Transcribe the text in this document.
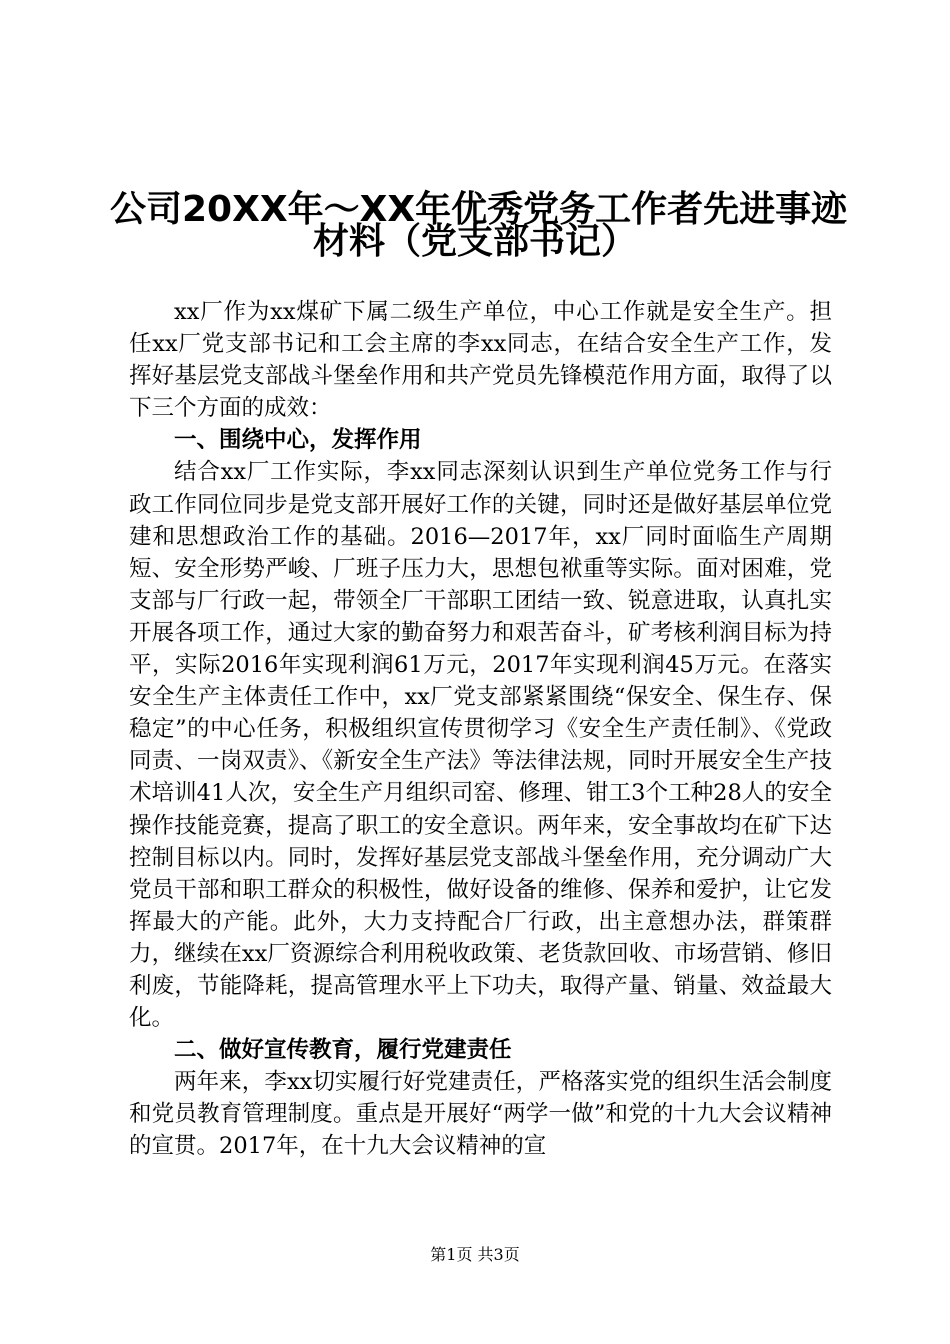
公司20XX年～XX年优秀党务工作者先进事迹
材料（党支部书记）

xx厂作为xx煤矿下属二级生产单位，中心工作就是安全生产。担任xx厂党支部书记和工会主席的李xx同志，在结合安全生产工作，发挥好基层党支部战斗堡垒作用和共产党员先锋模范作用方面，取得了以下三个方面的成效：

一、围绕中心，发挥作用

结合xx厂工作实际，李xx同志深刻认识到生产单位党务工作与行政工作同位同步是党支部开展好工作的关键，同时还是做好基层单位党建和思想政治工作的基础。2016—2017年，xx厂同时面临生产周期短、安全形势严峻、厂班子压力大，思想包袱重等实际。面对困难，党支部与厂行政一起，带领全厂干部职工团结一致、锐意进取，认真扎实开展各项工作，通过大家的勤奋努力和艰苦奋斗，矿考核利润目标为持平，实际2016年实现利润61万元，2017年实现利润45万元。在落实安全生产主体责任工作中，xx厂党支部紧紧围绕“保安全、保生存、保稳定”的中心任务，积极组织宣传贯彻学习《安全生产责任制》、《党政同责、一岗双责》、《新安全生产法》等法律法规，同时开展安全生产技术培训41人次，安全生产月组织司窑、修理、钳工3个工种28人的安全操作技能竞赛，提高了职工的安全意识。两年来，安全事故均在矿下达控制目标以内。同时，发挥好基层党支部战斗堡垒作用，充分调动广大党员干部和职工群众的积极性，做好设备的维修、保养和爱护，让它发挥最大的产能。此外，大力支持配合厂行政，出主意想办法，群策群力，继续在xx厂资源综合利用税收政策、老货款回收、市场营销、修旧利废，节能降耗，提高管理水平上下功夫，取得产量、销量、效益最大化。

二、做好宣传教育，履行党建责任

两年来，李xx切实履行好党建责任，严格落实党的组织生活会制度和党员教育管理制度。重点是开展好“两学一做”和党的十九大会议精神的宣贯。2017年，在十九大会议精神的宣

第1页 共3页
